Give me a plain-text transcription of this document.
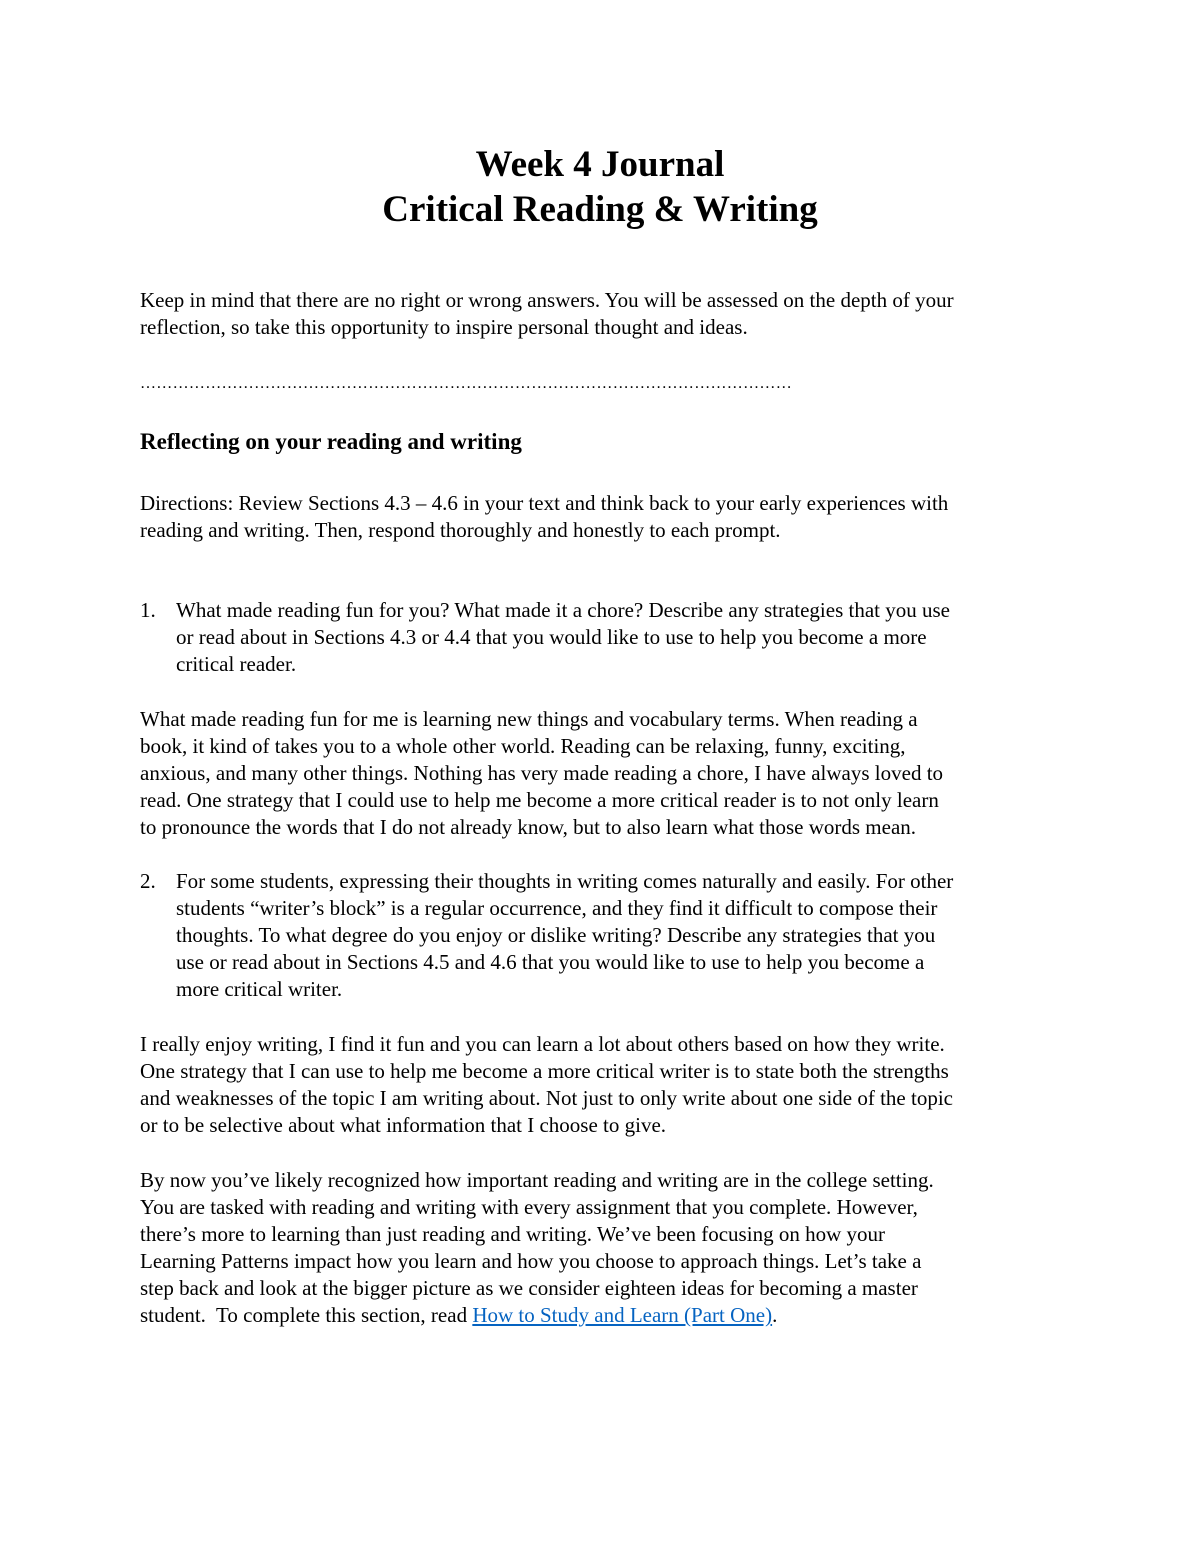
Week 4 Journal
Critical Reading & Writing
Keep in mind that there are no right or wrong answers. You will be assessed on the depth of your
reflection, so take this opportunity to inspire personal thought and ideas.
…………………………………………………………………………………………………………
Reflecting on your reading and writing
Directions: Review Sections 4.3 – 4.6 in your text and think back to your early experiences with
reading and writing. Then, respond thoroughly and honestly to each prompt.
1. What made reading fun for you? What made it a chore? Describe any strategies that you use
or read about in Sections 4.3 or 4.4 that you would like to use to help you become a more
critical reader.
What made reading fun for me is learning new things and vocabulary terms. When reading a
book, it kind of takes you to a whole other world. Reading can be relaxing, funny, exciting,
anxious, and many other things. Nothing has very made reading a chore, I have always loved to
read. One strategy that I could use to help me become a more critical reader is to not only learn
to pronounce the words that I do not already know, but to also learn what those words mean.
2. For some students, expressing their thoughts in writing comes naturally and easily. For other
students “writer’s block” is a regular occurrence, and they find it difficult to compose their
thoughts. To what degree do you enjoy or dislike writing? Describe any strategies that you
use or read about in Sections 4.5 and 4.6 that you would like to use to help you become a
more critical writer.
I really enjoy writing, I find it fun and you can learn a lot about others based on how they write.
One strategy that I can use to help me become a more critical writer is to state both the strengths
and weaknesses of the topic I am writing about. Not just to only write about one side of the topic
or to be selective about what information that I choose to give.
By now you’ve likely recognized how important reading and writing are in the college setting.
You are tasked with reading and writing with every assignment that you complete. However,
there’s more to learning than just reading and writing. We’ve been focusing on how your
Learning Patterns impact how you learn and how you choose to approach things. Let’s take a
step back and look at the bigger picture as we consider eighteen ideas for becoming a master
student.  To complete this section, read How to Study and Learn (Part One).
